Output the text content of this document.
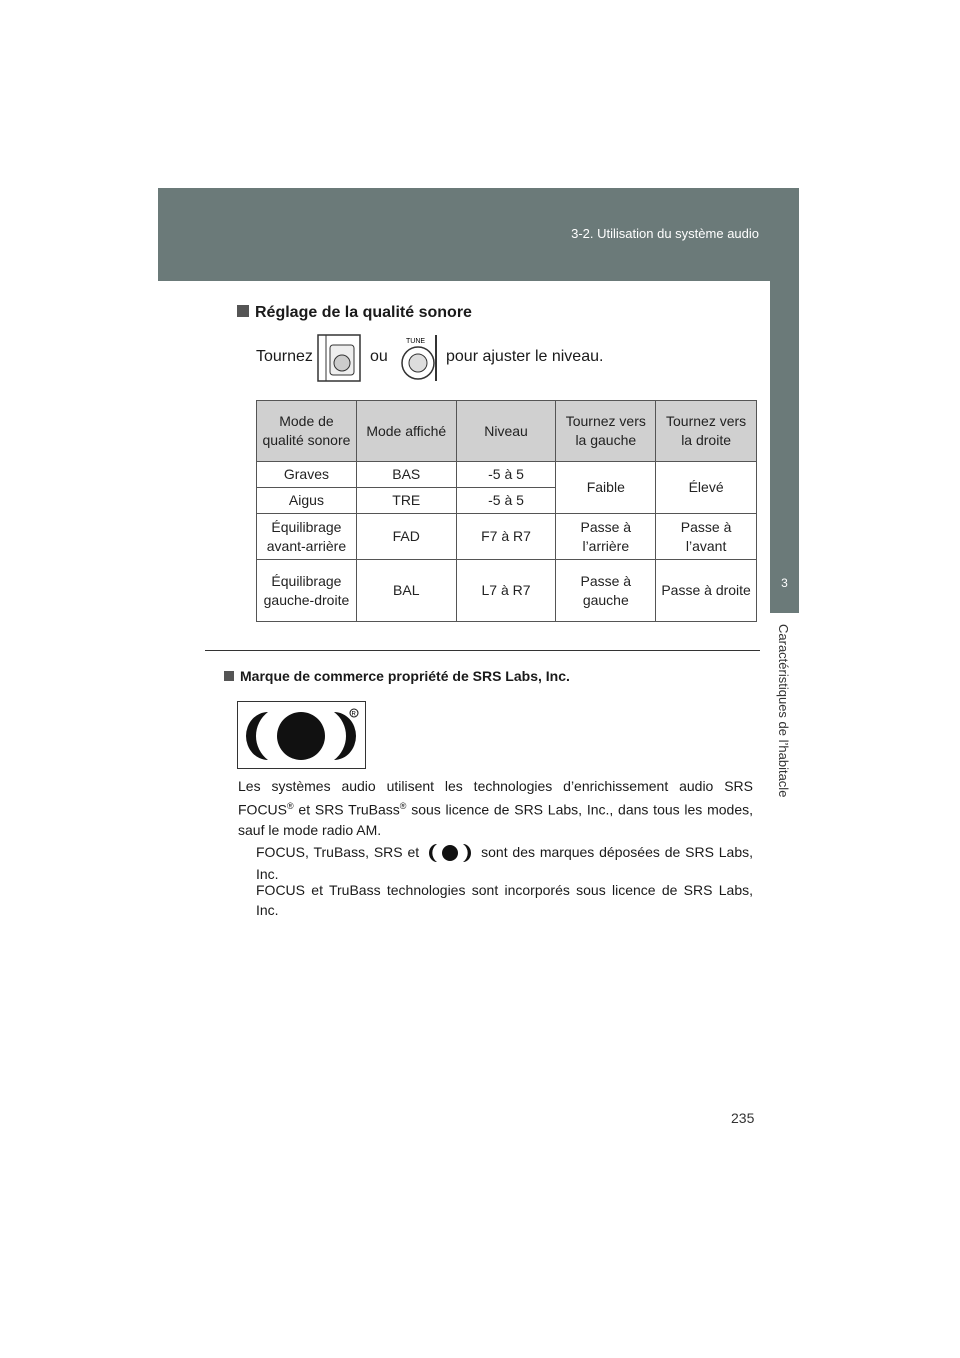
3-2. Utilisation du système audio
3
Caractéristiques de l’habitacle
Réglage de la qualité sonore
Tournez	ou
TUNE
pour ajuster le niveau.
Mode de qualité sonore	Mode affiché	Niveau	Tournez vers la gauche	Tournez vers la droite
Graves	BAS	-5 à 5	Faible	Élevé
Aigus	TRE	-5 à 5		
Équilibrage avant-arrière	FAD	F7 à R7	Passe à l’arrière	Passe à l’avant
Équilibrage gauche-droite	BAL	L7 à R7	Passe à gauche	Passe à droite
Marque de commerce propriété de SRS Labs, Inc.
R
Les systèmes audio utilisent les technologies d’enrichissement audio SRS FOCUS® et SRS TruBass® sous licence de SRS Labs, Inc., dans tous les modes, sauf le mode radio AM.
FOCUS, TruBass, SRS et	sont des marques déposées de SRS Labs, Inc.
FOCUS et TruBass technologies sont incorporés sous licence de SRS Labs, Inc.
235
